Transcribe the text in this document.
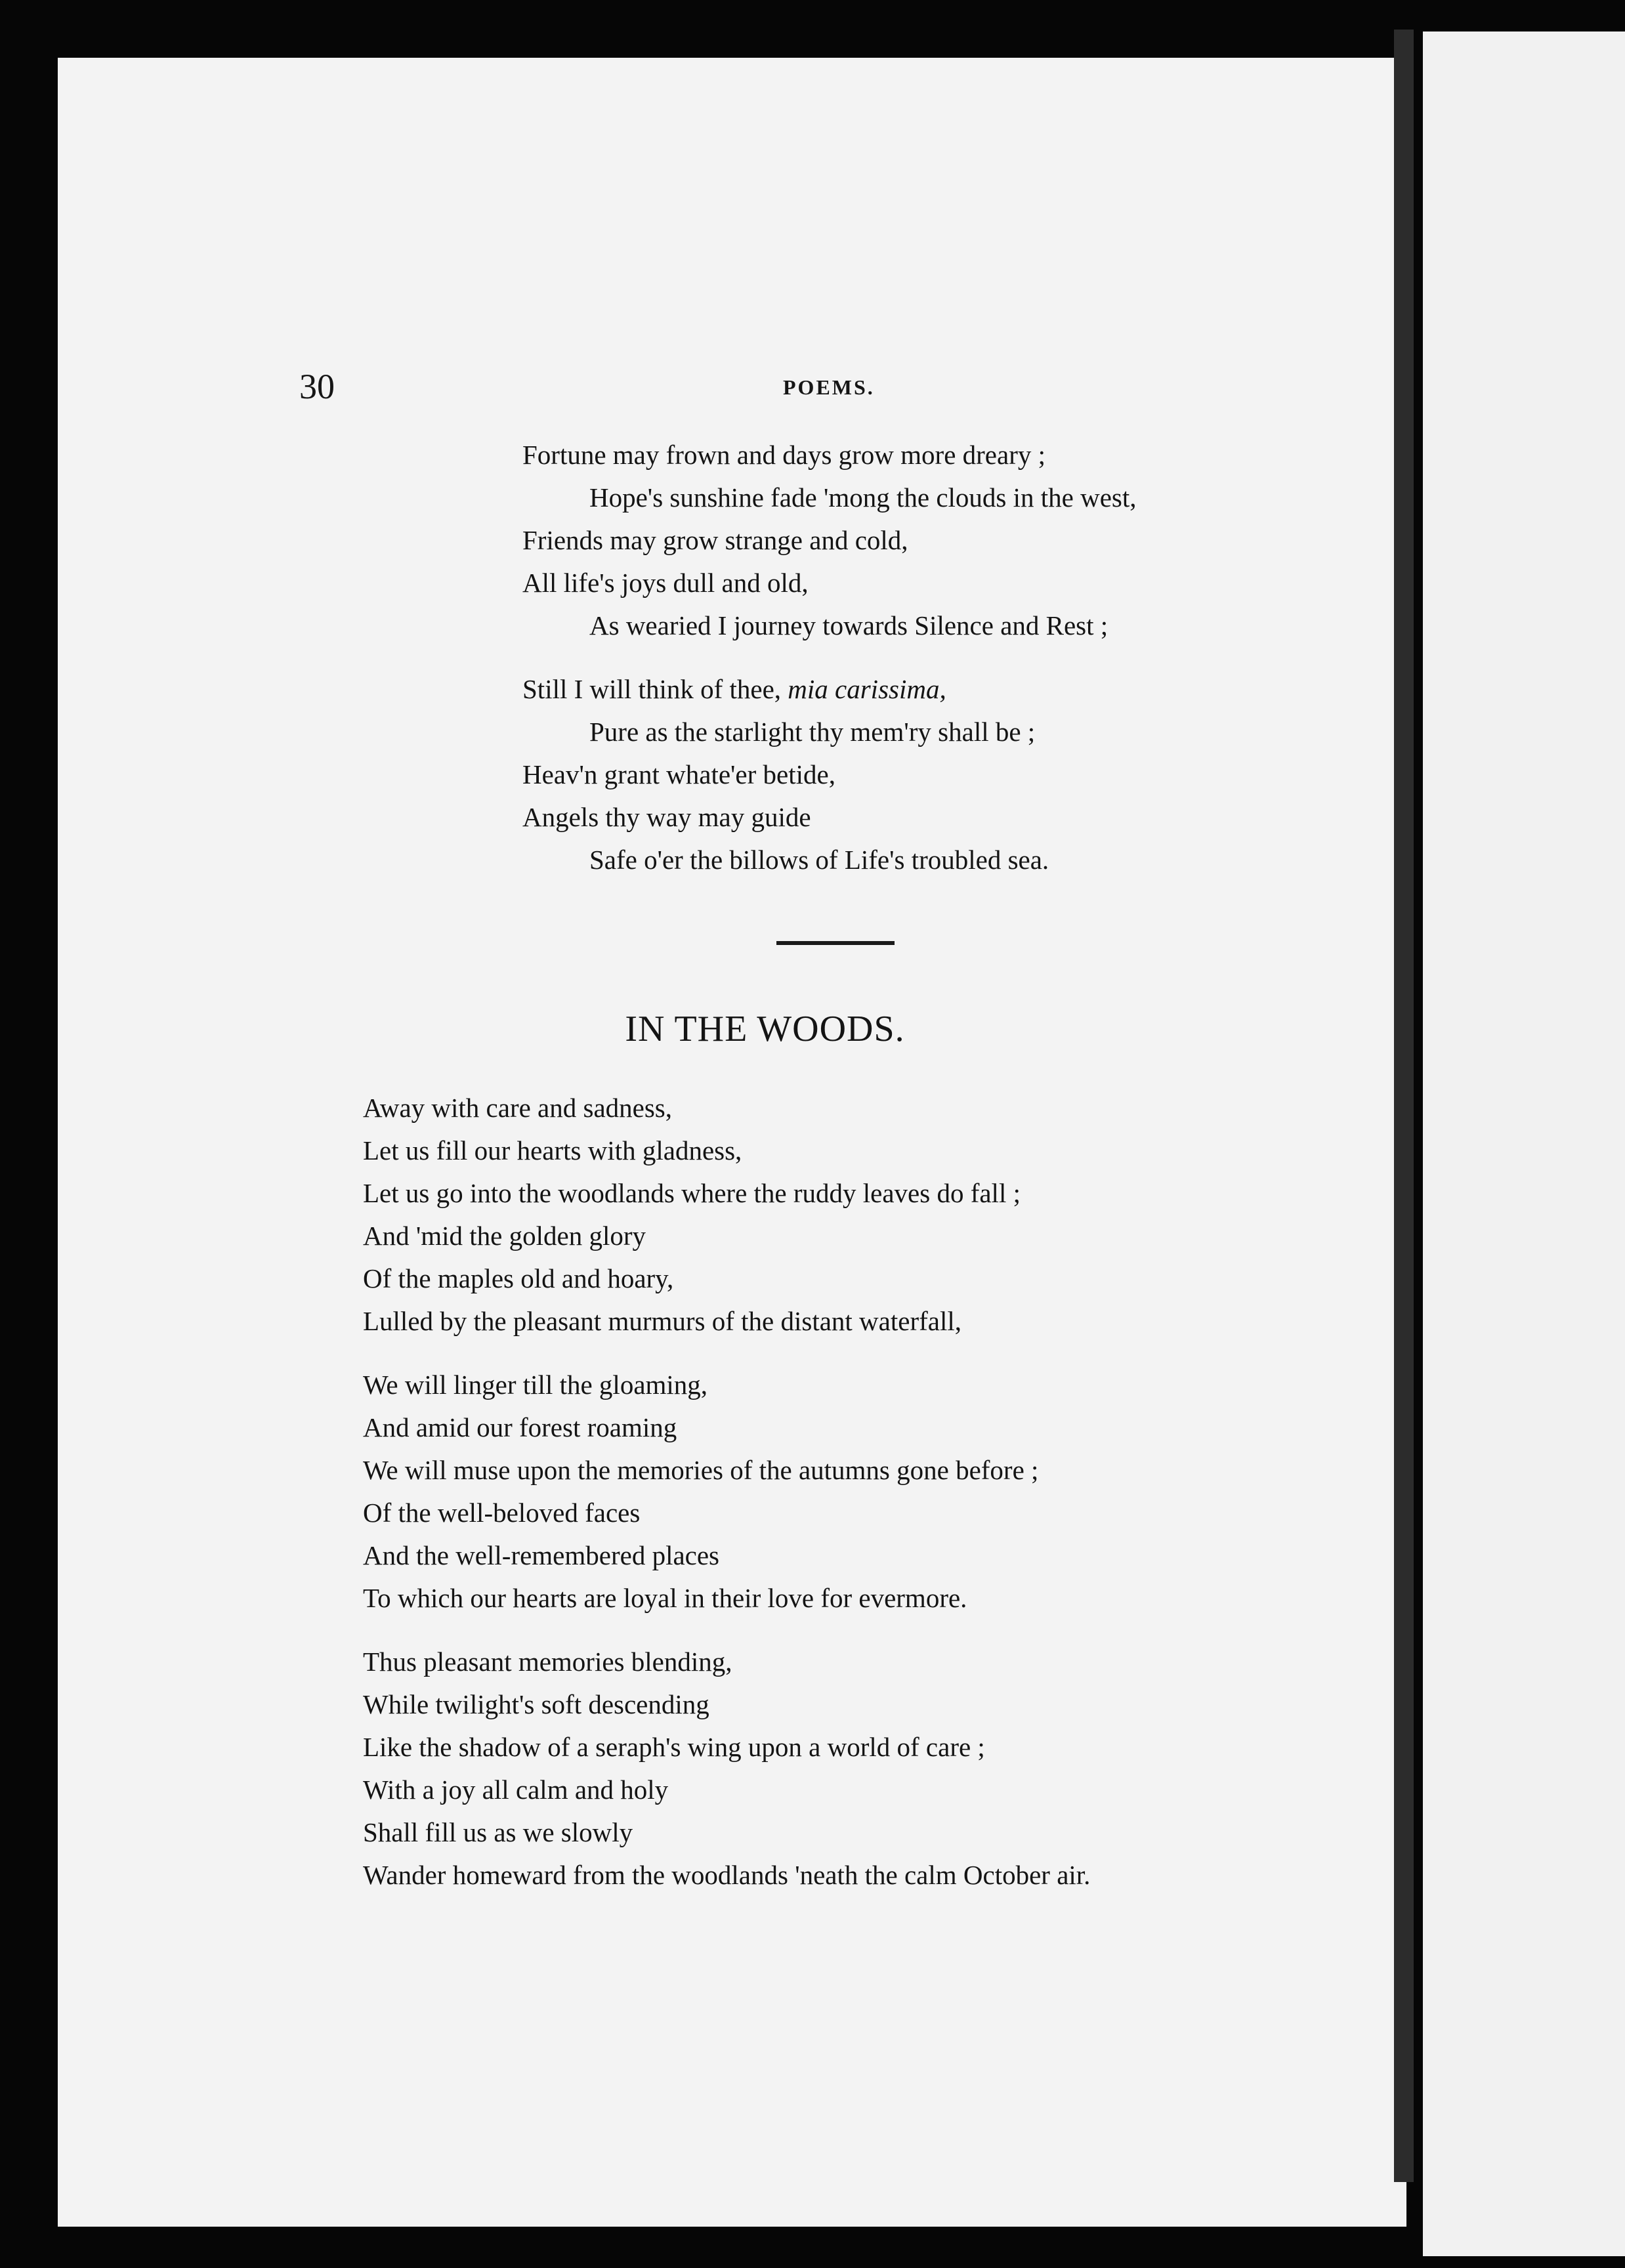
30	POEMS.

Fortune may frown and days grow more dreary ;

Hope's sunshine fade 'mong the clouds in the west,

Friends may grow strange and cold,

All life's joys dull and old,

As wearied I journey towards Silence and Rest ;

Still I will think of thee, mia carissima,

Pure as the starlight thy mem'ry shall be ;

Heav'n grant whate'er betide,

Angels thy way may guide

Safe o'er the billows of Life's troubled sea.

IN THE WOODS.

Away with care and sadness,

Let us fill our hearts with gladness,

Let us go into the woodlands where the ruddy leaves do fall ;

And 'mid the golden glory

Of the maples old and hoary,

Lulled by the pleasant murmurs of the distant waterfall,

We will linger till the gloaming,

And amid our forest roaming

We will muse upon the memories of the autumns gone before ;

Of the well-beloved faces

And the well-remembered places

To which our hearts are loyal in their love for evermore.

Thus pleasant memories blending,

While twilight's soft descending

Like the shadow of a seraph's wing upon a world of care ;

With a joy all calm and holy

Shall fill us as we slowly

Wander homeward from the woodlands 'neath the calm October air.
